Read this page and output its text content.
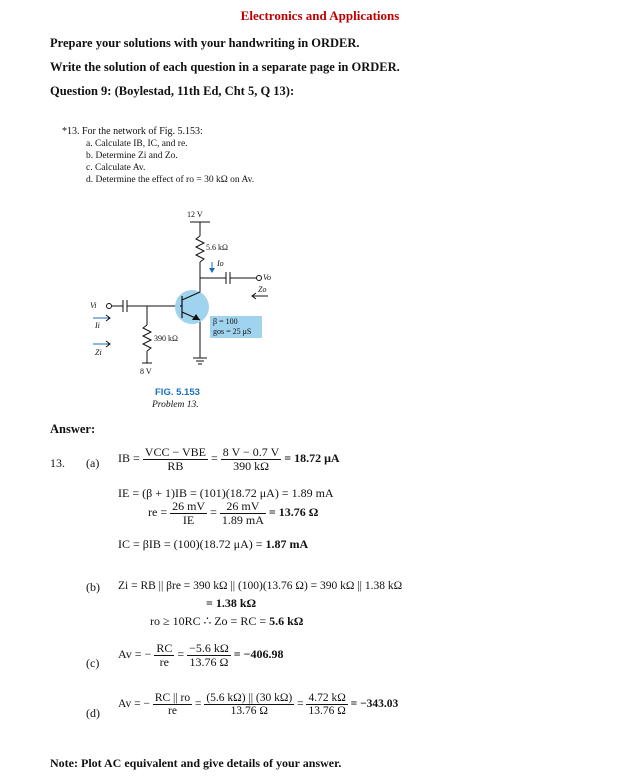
Electronics and Applications
Prepare your solutions with your handwriting in ORDER.
Write the solution of each question in a separate page in ORDER.
Question 9: (Boylestad, 11th Ed, Cht 5, Q 13):
*13. For the network of Fig. 5.153:
a. Calculate IB, IC, and re.
b. Determine Zi and Zo.
c. Calculate Av.
d. Determine the effect of ro = 30 kΩ on Av.
12 V
5.6 kΩ
Io
Vo
Zo
Vi
Ii
Zi
390 kΩ
8 V
β = 100
gos = 25 μS
FIG. 5.153
Problem 13.
Answer:
13. (a) IB = $\frac{\text{VCC − VBE}}{RB} = \frac{8 V - 0.7 V}{390 k\Omega} = 18.72$ μA
IE = (β + 1)IB = (101)(18.72 μA) = 1.89 mA
re = $\frac{26 mV}{IE} = \frac{26 mV}{1.89 mA} = 13.76$ Ω
IC = βIB = (100)(18.72 μA) = 1.87 mA
(b) Zi = RB || βre = 390 kΩ || (100)(13.76 Ω) = 390 kΩ || 1.38 kΩ
= 1.38 kΩ
ro ≥ 10RC ∴ Zo = RC = 5.6 kΩ
(c)
Av = − $\frac{RC}{re} = \frac{-5.6 k\Omega}{13.76 \Omega} = -406.98$
(d)
Av = − $\frac{RC || ro}{re} = \frac{(5.6 k\Omega) || (30 k\Omega)}{13.76 \Omega} = \frac{4.72 k\Omega}{13.76 \Omega} = -343.03$
Note: Plot AC equivalent and give details of your answer.
